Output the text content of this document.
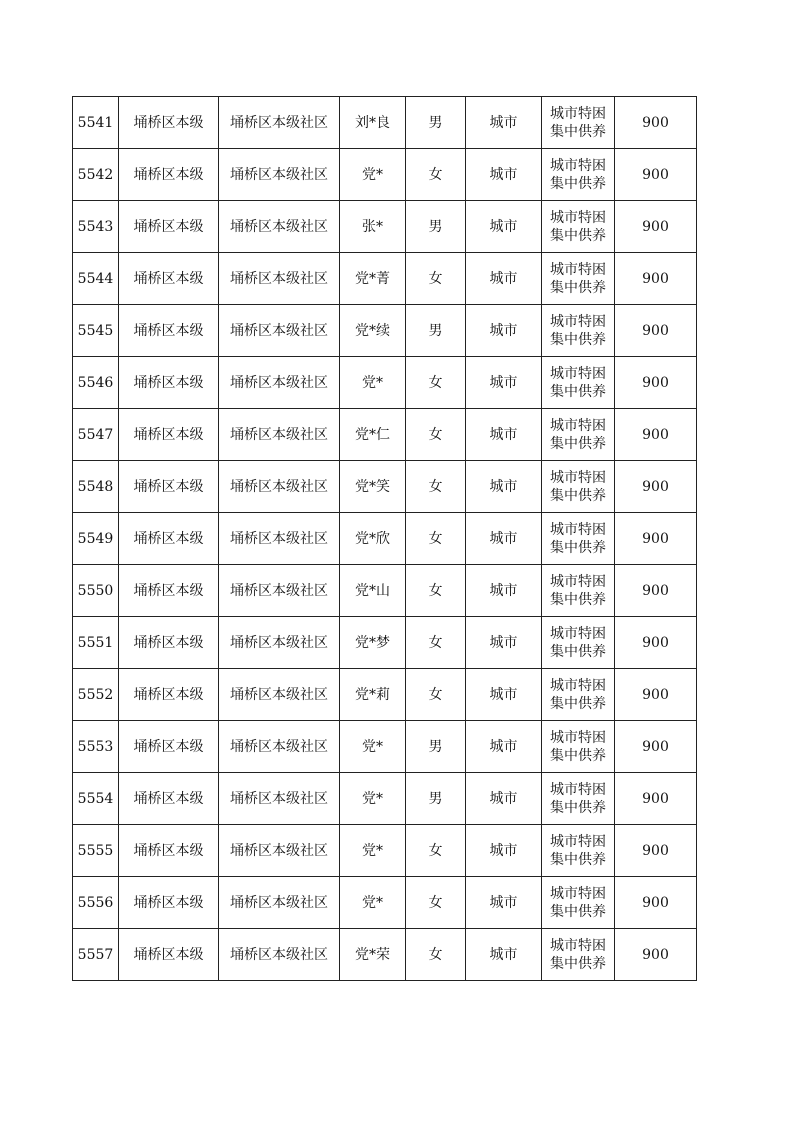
5541	埇桥区本级	埇桥区本级社区	刘*良	男	城市	城市特困集中供养	900
5542	埇桥区本级	埇桥区本级社区	党*	女	城市	城市特困集中供养	900
5543	埇桥区本级	埇桥区本级社区	张*	男	城市	城市特困集中供养	900
5544	埇桥区本级	埇桥区本级社区	党*菁	女	城市	城市特困集中供养	900
5545	埇桥区本级	埇桥区本级社区	党*续	男	城市	城市特困集中供养	900
5546	埇桥区本级	埇桥区本级社区	党*	女	城市	城市特困集中供养	900
5547	埇桥区本级	埇桥区本级社区	党*仁	女	城市	城市特困集中供养	900
5548	埇桥区本级	埇桥区本级社区	党*笑	女	城市	城市特困集中供养	900
5549	埇桥区本级	埇桥区本级社区	党*欣	女	城市	城市特困集中供养	900
5550	埇桥区本级	埇桥区本级社区	党*山	女	城市	城市特困集中供养	900
5551	埇桥区本级	埇桥区本级社区	党*梦	女	城市	城市特困集中供养	900
5552	埇桥区本级	埇桥区本级社区	党*莉	女	城市	城市特困集中供养	900
5553	埇桥区本级	埇桥区本级社区	党*	男	城市	城市特困集中供养	900
5554	埇桥区本级	埇桥区本级社区	党*	男	城市	城市特困集中供养	900
5555	埇桥区本级	埇桥区本级社区	党*	女	城市	城市特困集中供养	900
5556	埇桥区本级	埇桥区本级社区	党*	女	城市	城市特困集中供养	900
5557	埇桥区本级	埇桥区本级社区	党*荣	女	城市	城市特困集中供养	900
